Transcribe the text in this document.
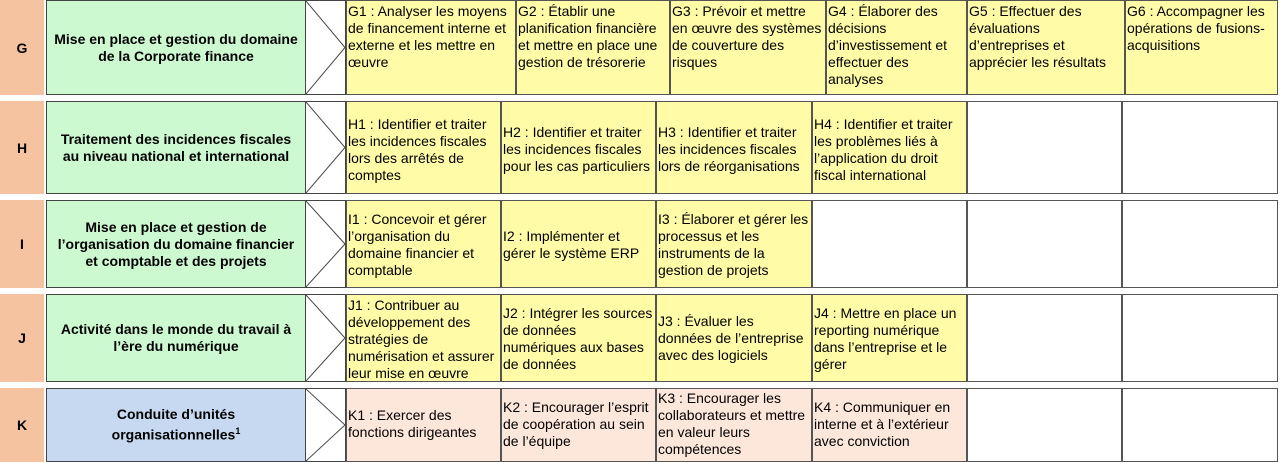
G
Mise en place et gestion du domaine de la Corporate finance
G1 : Analyser les moyens de financement interne et externe et les mettre en œuvre
G2 : Établir une planification financière et mettre en place une gestion de trésorerie
G3 : Prévoir et mettre en œuvre des systèmes de couverture des risques
G4 : Élaborer des décisions d’investissement et effectuer des analyses
G5 : Effectuer des évaluations d’entreprises et apprécier les résultats
G6 : Accompagner les opérations de fusions-acquisitions
H
Traitement des incidences fiscales au niveau national et international
H1 : Identifier et traiter les incidences fiscales lors des arrêtés de comptes
H2 : Identifier et traiter les incidences fiscales pour les cas particuliers
H3 : Identifier et traiter les incidences fiscales lors de réorganisations
H4 : Identifier et traiter les problèmes liés à l’application du droit fiscal international
I
Mise en place et gestion de l’organisation du domaine financier et comptable et des projets
I1 : Concevoir et gérer l’organisation du domaine financier et comptable
I2 : Implémenter et gérer le système ERP
I3 : Élaborer et gérer les processus et les instruments de la gestion de projets
J
Activité dans le monde du travail à l’ère du numérique
J1 : Contribuer au développement des stratégies de numérisation et assurer leur mise en œuvre
J2 : Intégrer les sources de données numériques aux bases de données
J3 : Évaluer les données de l’entreprise avec des logiciels
J4 : Mettre en place un reporting numérique dans l’entreprise et le gérer
K
Conduite d’unités organisationnelles$^1$
K1 : Exercer des fonctions dirigeantes
K2 : Encourager l’esprit de coopération au sein de l’équipe
K3 : Encourager les collaborateurs et mettre en valeur leurs compétences
K4 : Communiquer en interne et à l’extérieur avec conviction
